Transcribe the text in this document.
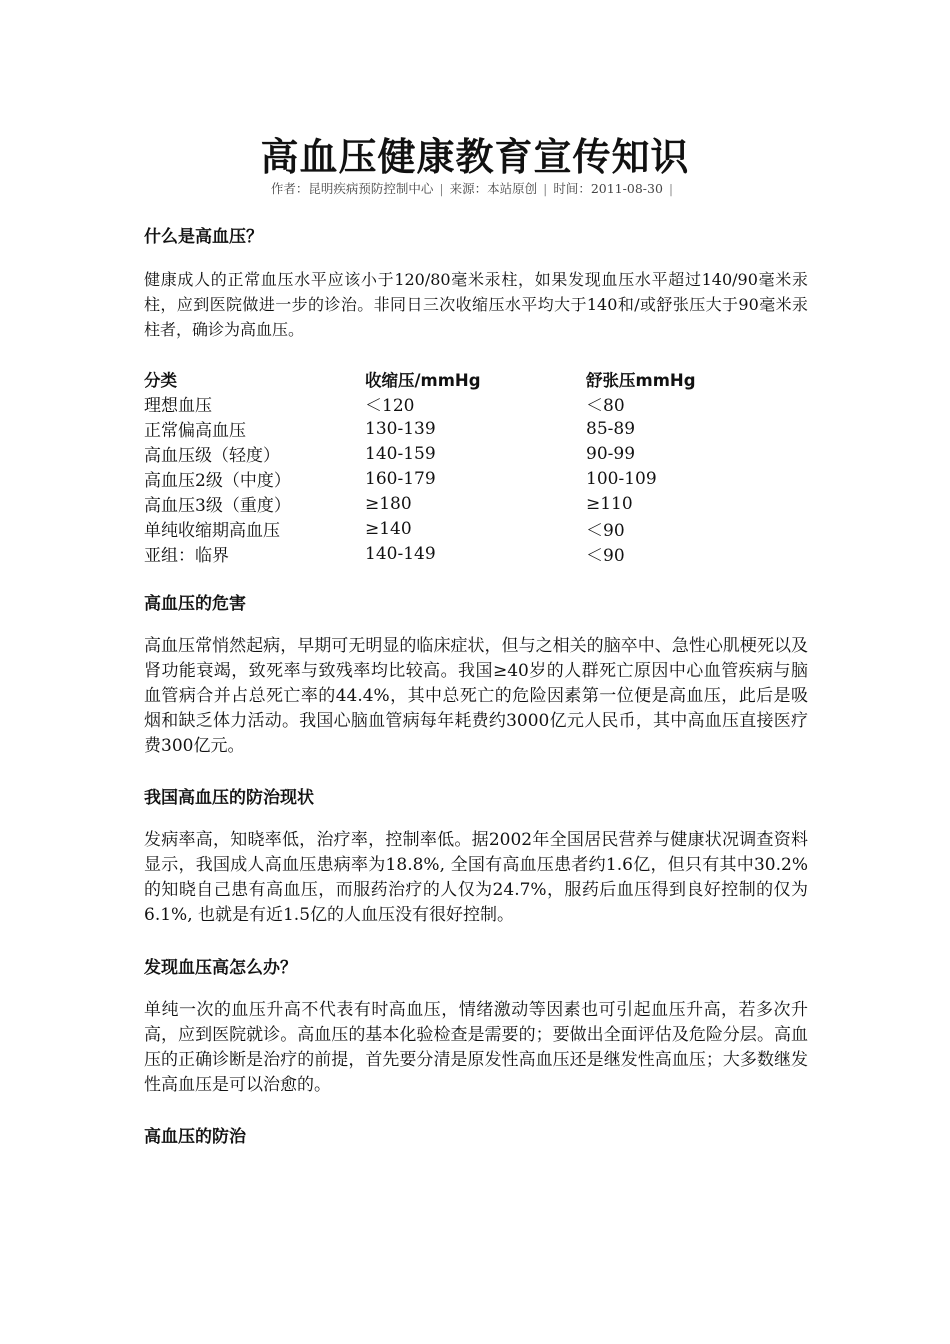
高血压健康教育宣传知识
作者：昆明疾病预防控制中心 | 来源：本站原创 | 时间：2011-08-30 |
什么是高血压？
健康成人的正常血压水平应该小于120/80毫米汞柱，如果发现血压水平超过140/90毫米汞柱，应到医院做进一步的诊治。非同日三次收缩压水平均大于140和/或舒张压大于90毫米汞柱者，确诊为高血压。
分类	收缩压/mmHg	舒张压mmHg
理想血压	＜120	＜80
正常偏高血压	130-139	85-89
高血压级（轻度）	140-159	90-99
高血压2级（中度）	160-179	100-109
高血压3级（重度）	≥180	≥110
单纯收缩期高血压	≥140	＜90
亚组：临界	140-149	＜90
高血压的危害
高血压常悄然起病，早期可无明显的临床症状，但与之相关的脑卒中、急性心肌梗死以及肾功能衰竭，致死率与致残率均比较高。我国≥40岁的人群死亡原因中心血管疾病与脑血管病合并占总死亡率的44.4%，其中总死亡的危险因素第一位便是高血压，此后是吸烟和缺乏体力活动。我国心脑血管病每年耗费约3000亿元人民币，其中高血压直接医疗费300亿元。
我国高血压的防治现状
发病率高，知晓率低，治疗率，控制率低。据2002年全国居民营养与健康状况调查资料显示，我国成人高血压患病率为18.8%, 全国有高血压患者约1.6亿，但只有其中30.2%的知晓自己患有高血压，而服药治疗的人仅为24.7%，服药后血压得到良好控制的仅为6.1%, 也就是有近1.5亿的人血压没有很好控制。
发现血压高怎么办？
单纯一次的血压升高不代表有时高血压，情绪激动等因素也可引起血压升高，若多次升高，应到医院就诊。高血压的基本化验检查是需要的；要做出全面评估及危险分层。高血压的正确诊断是治疗的前提，首先要分清是原发性高血压还是继发性高血压；大多数继发性高血压是可以治愈的。
高血压的防治
